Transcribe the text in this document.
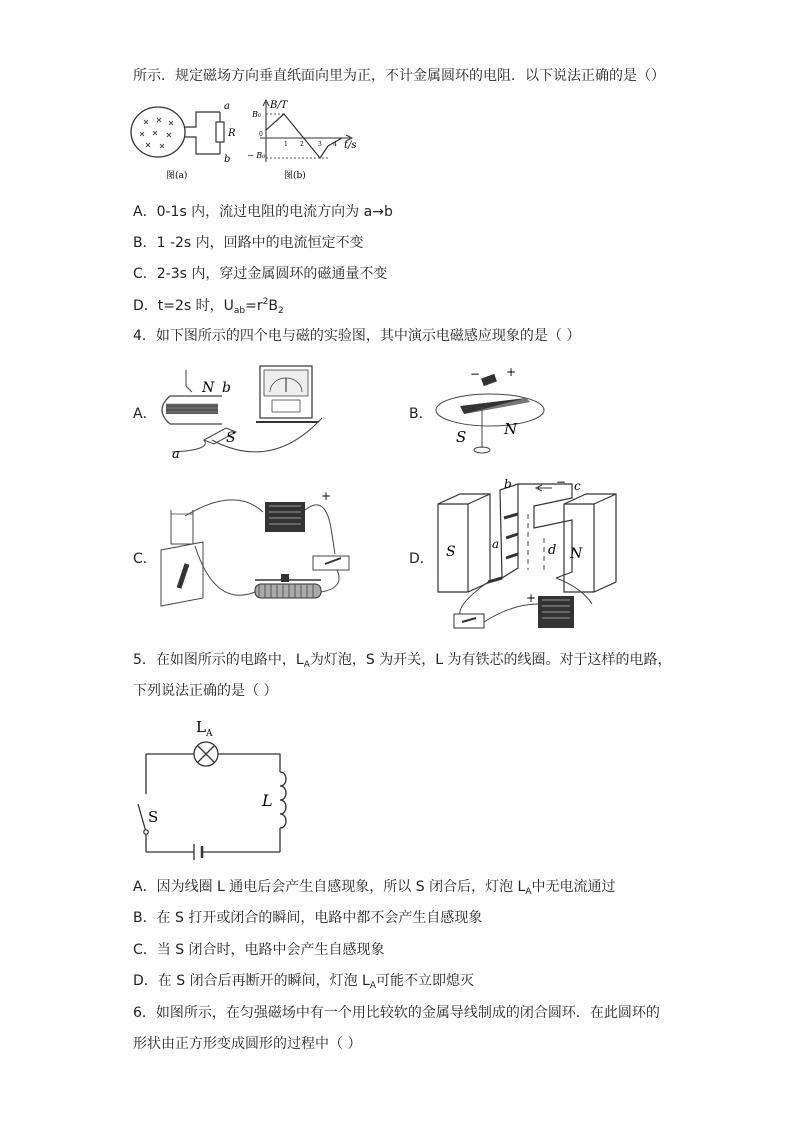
所示．规定磁场方向垂直纸面向里为正，不计金属圆环的电阻．以下说法正确的是（）
a
R
b
图(a)
B/T
t/s
B₀
− B₀
0
1 2 3 4
图(b)
A．0-1s 内，流过电阻的电流方向为 a→b
B．1 -2s 内，回路中的电流恒定不变
C．2-3s 内，穿过金属圆环的磁通量不变
D．t=2s 时，$U_{ab}=r^2B_2$
4．如下图所示的四个电与磁的实验图，其中演示电磁感应现象的是（ ）
A．
N b
S
a
B．
S	N
− +
C．
+
D． S	N
a
b	c
d
−
+
5．在如图所示的电路中，$L_A$为灯泡，S 为开关，L 为有铁芯的线圈。对于这样的电路，
下列说法正确的是（ ）
$L_A$
L
S
A．因为线圈 L 通电后会产生自感现象，所以 S 闭合后，灯泡 $L_A$中无电流通过
B．在 S 打开或闭合的瞬间，电路中都不会产生自感现象
C．当 S 闭合时，电路中会产生自感现象
D．在 S 闭合后再断开的瞬间，灯泡 $L_A$可能不立即熄灭
6．如图所示，在匀强磁场中有一个用比较软的金属导线制成的闭合圆环．在此圆环的
形状由正方形变成圆形的过程中（ ）
